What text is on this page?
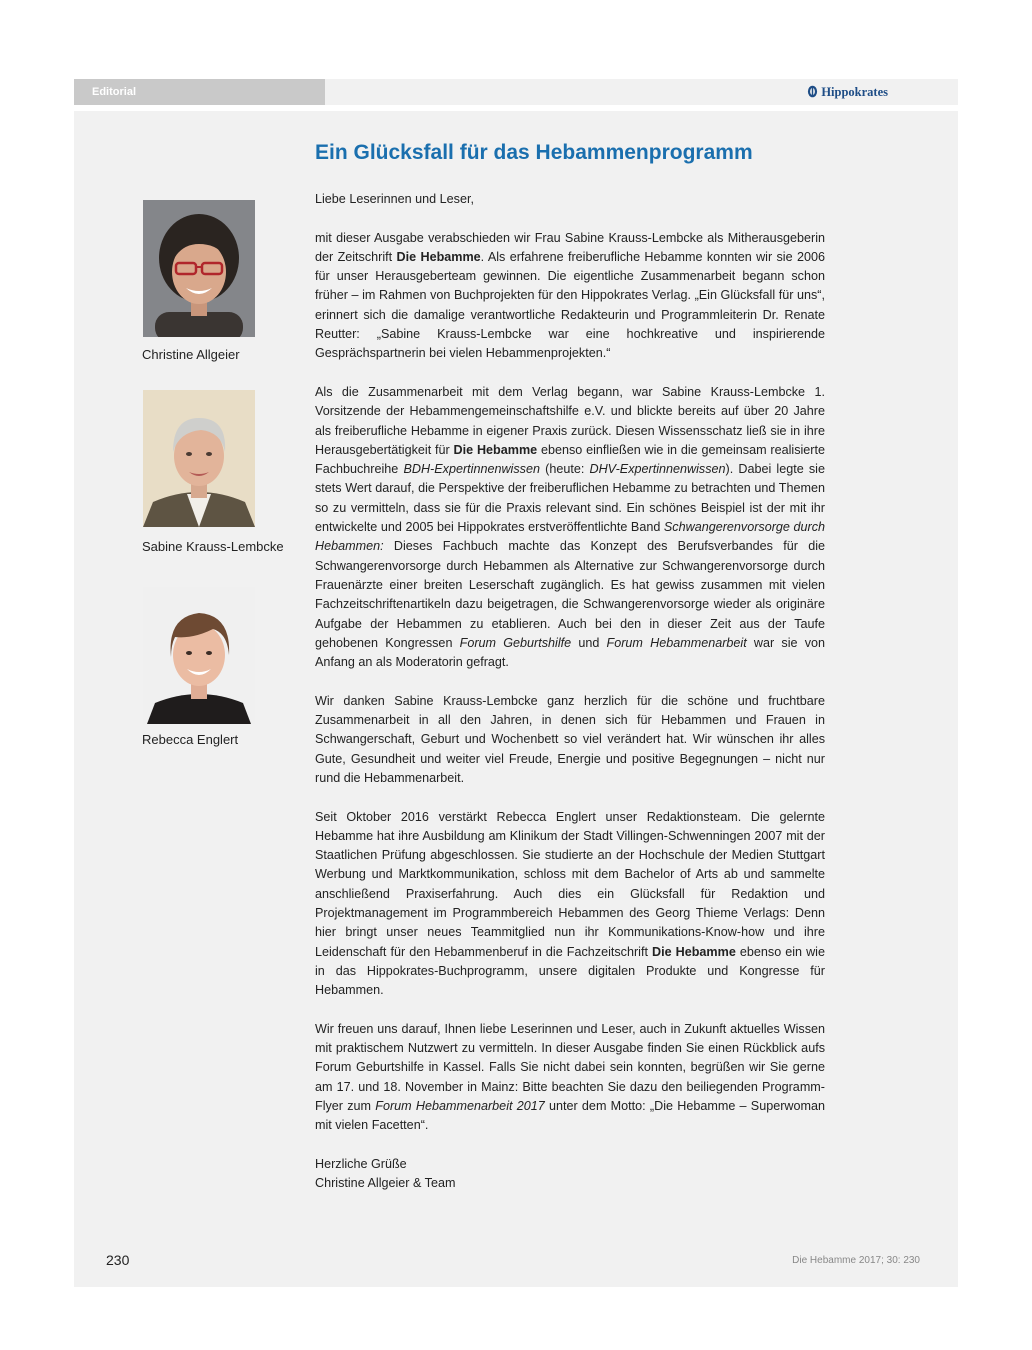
Editorial	Hippokrates
Ein Glücksfall für das Hebammenprogramm
Christine Allgeier
Sabine Krauss-Lembcke
Rebecca Englert

Liebe Leserinnen und Leser,

mit dieser Ausgabe verabschieden wir Frau Sabine Krauss-Lembcke als Mitherausgeberin der Zeitschrift Die Hebamme. Als erfahrene freiberufliche Hebamme konnten wir sie 2006 für unser Herausgeberteam gewinnen. Die eigentliche Zusammenarbeit begann schon früher – im Rahmen von Buchprojekten für den Hippokrates Verlag. „Ein Glücksfall für uns“, erinnert sich die damalige verantwortliche Redakteurin und Programmleiterin Dr. Renate Reutter: „Sabine Krauss-Lembcke war eine hochkreative und inspirierende Gesprächspartnerin bei vielen Hebammenprojekten.“

Als die Zusammenarbeit mit dem Verlag begann, war Sabine Krauss-Lembcke 1. Vorsitzende der Hebammengemeinschaftshilfe e.V. und blickte bereits auf über 20 Jahre als freiberufliche Hebamme in eigener Praxis zurück. Diesen Wissensschatz ließ sie in ihre Herausgebertätigkeit für Die Hebamme ebenso einfließen wie in die gemeinsam realisierte Fachbuchreihe BDH-Expertinnenwissen (heute: DHV-Expertinnenwissen). Dabei legte sie stets Wert darauf, die Perspektive der freiberuflichen Hebamme zu betrachten und Themen so zu vermitteln, dass sie für die Praxis relevant sind. Ein schönes Beispiel ist der mit ihr entwickelte und 2005 bei Hippokrates erstveröffentlichte Band Schwangerenvorsorge durch Hebammen: Dieses Fachbuch machte das Konzept des Berufsverbandes für die Schwangerenvorsorge durch Hebammen als Alternative zur Schwangerenvorsorge durch Frauenärzte einer breiten Leserschaft zugänglich. Es hat gewiss zusammen mit vielen Fachzeitschriftenartikeln dazu beigetragen, die Schwangerenvorsorge wieder als originäre Aufgabe der Hebammen zu etablieren. Auch bei den in dieser Zeit aus der Taufe gehobenen Kongressen Forum Geburtshilfe und Forum Hebammenarbeit war sie von Anfang an als Moderatorin gefragt.

Wir danken Sabine Krauss-Lembcke ganz herzlich für die schöne und fruchtbare Zusammenarbeit in all den Jahren, in denen sich für Hebammen und Frauen in Schwangerschaft, Geburt und Wochenbett so viel verändert hat. Wir wünschen ihr alles Gute, Gesundheit und weiter viel Freude, Energie und positive Begegnungen – nicht nur rund die Hebammenarbeit.

Seit Oktober 2016 verstärkt Rebecca Englert unser Redaktionsteam. Die gelernte Hebamme hat ihre Ausbildung am Klinikum der Stadt Villingen-Schwenningen 2007 mit der Staatlichen Prüfung abgeschlossen. Sie studierte an der Hochschule der Medien Stuttgart Werbung und Marktkommunikation, schloss mit dem Bachelor of Arts ab und sammelte anschließend Praxiserfahrung. Auch dies ein Glücksfall für Redaktion und Projektmanagement im Programmbereich Hebammen des Georg Thieme Verlags: Denn hier bringt unser neues Teammitglied nun ihr Kommunikations-Know-how und ihre Leidenschaft für den Hebammenberuf in die Fachzeitschrift Die Hebamme ebenso ein wie in das Hippokrates-Buchprogramm, unsere digitalen Produkte und Kongresse für Hebammen.

Wir freuen uns darauf, Ihnen liebe Leserinnen und Leser, auch in Zukunft aktuelles Wissen mit praktischem Nutzwert zu vermitteln. In dieser Ausgabe finden Sie einen Rückblick aufs Forum Geburtshilfe in Kassel. Falls Sie nicht dabei sein konnten, begrüßen wir Sie gerne am 17. und 18. November in Mainz: Bitte beachten Sie dazu den beiliegenden Programm-Flyer zum Forum Hebammenarbeit 2017 unter dem Motto: „Die Hebamme – Superwoman mit vielen Facetten“.

Herzliche Grüße
Christine Allgeier & Team

230	Die Hebamme 2017; 30: 230
